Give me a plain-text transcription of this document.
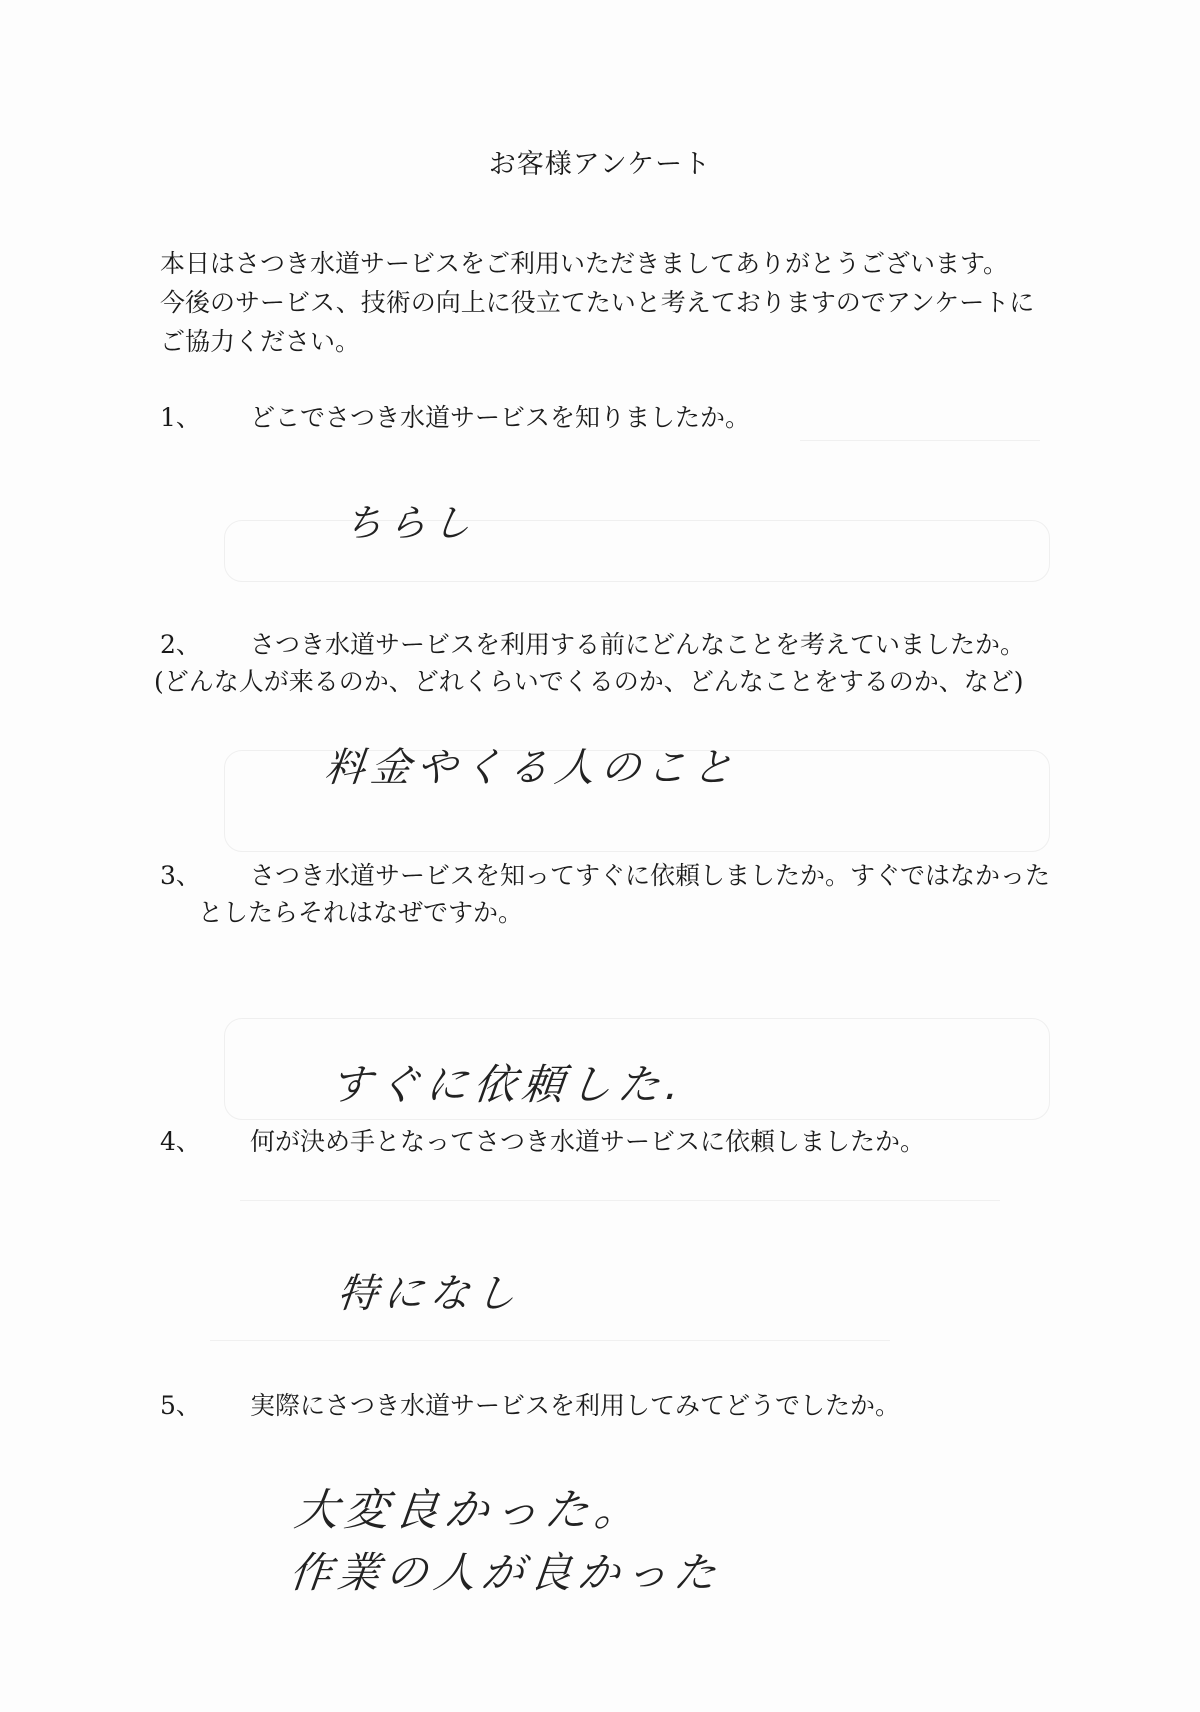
お客様アンケート
本日はさつき水道サービスをご利用いただきましてありがとうございます。
今後のサービス、技術の向上に役立てたいと考えておりますのでアンケートに
ご協力ください。
1、 どこでさつき水道サービスを知りましたか。
ちらし
2、 さつき水道サービスを利用する前にどんなことを考えていましたか。
(どんな人が来るのか、どれくらいでくるのか、どんなことをするのか、など)
料金やくる人のこと
3、 さつき水道サービスを知ってすぐに依頼しましたか。すぐではなかった
としたらそれはなぜですか。
すぐに依頼した.
4、 何が決め手となってさつき水道サービスに依頼しましたか。
特になし
5、 実際にさつき水道サービスを利用してみてどうでしたか。
大変良かった。
作業の人が良かった
